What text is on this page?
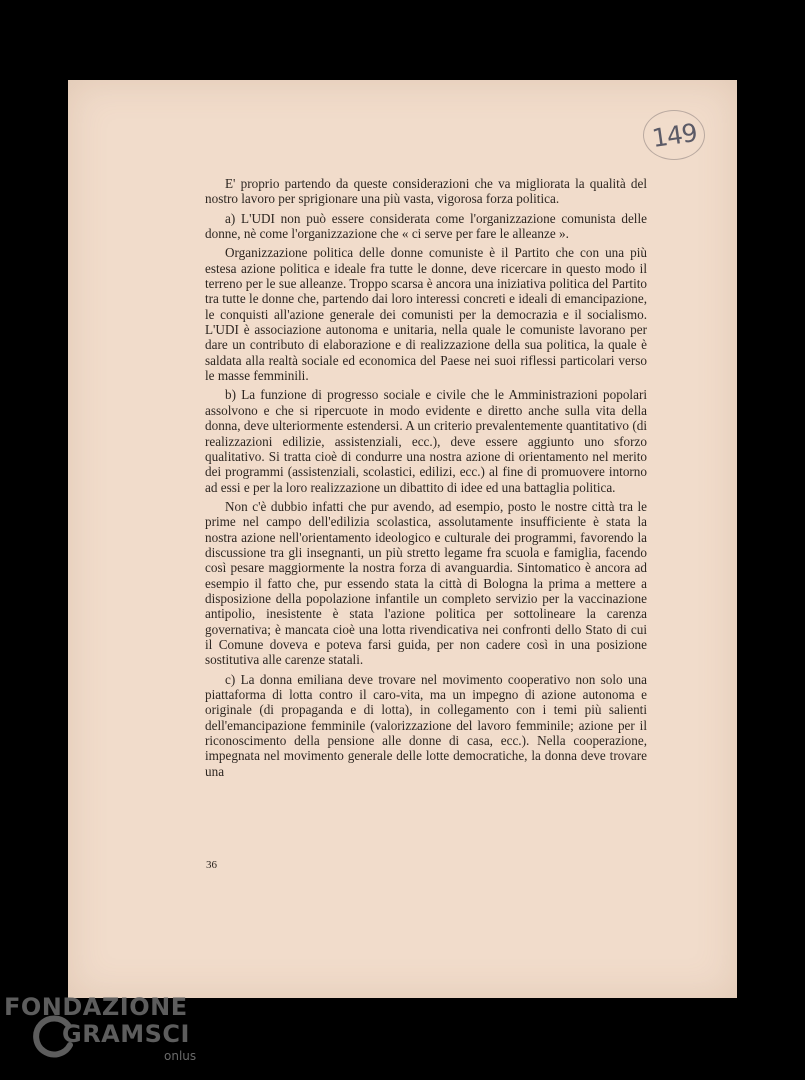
149

E' proprio partendo da queste considerazioni che va migliorata la qualità del nostro lavoro per sprigionare una più vasta, vigorosa forza politica.

a) L'UDI non può essere considerata come l'organizzazione comunista delle donne, nè come l'organizzazione che « ci serve per fare le alleanze ».

Organizzazione politica delle donne comuniste è il Partito che con una più estesa azione politica e ideale fra tutte le donne, deve ricercare in questo modo il terreno per le sue alleanze. Troppo scarsa è ancora una iniziativa politica del Partito tra tutte le donne che, partendo dai loro interessi concreti e ideali di emancipazione, le conquisti all'azione generale dei comunisti per la democrazia e il socialismo. L'UDI è associazione autonoma e unitaria, nella quale le comuniste lavorano per dare un contributo di elaborazione e di realizzazione della sua politica, la quale è saldata alla realtà sociale ed economica del Paese nei suoi riflessi particolari verso le masse femminili.

b) La funzione di progresso sociale e civile che le Amministrazioni popolari assolvono e che si ripercuote in modo evidente e diretto anche sulla vita della donna, deve ulteriormente estendersi. A un criterio prevalentemente quantitativo (di realizzazioni edilizie, assistenziali, ecc.), deve essere aggiunto uno sforzo qualitativo. Si tratta cioè di condurre una nostra azione di orientamento nel merito dei programmi (assistenziali, scolastici, edilizi, ecc.) al fine di promuovere intorno ad essi e per la loro realizzazione un dibattito di idee ed una battaglia politica.

Non c'è dubbio infatti che pur avendo, ad esempio, posto le nostre città tra le prime nel campo dell'edilizia scolastica, assolutamente insufficiente è stata la nostra azione nell'orientamento ideologico e culturale dei programmi, favorendo la discussione tra gli insegnanti, un più stretto legame fra scuola e famiglia, facendo così pesare maggiormente la nostra forza di avanguardia. Sintomatico è ancora ad esempio il fatto che, pur essendo stata la città di Bologna la prima a mettere a disposizione della popolazione infantile un completo servizio per la vaccinazione antipolio, inesistente è stata l'azione politica per sottolineare la carenza governativa; è mancata cioè una lotta rivendicativa nei confronti dello Stato di cui il Comune doveva e poteva farsi guida, per non cadere così in una posizione sostitutiva alle carenze statali.

c) La donna emiliana deve trovare nel movimento cooperativo non solo una piattaforma di lotta contro il caro-vita, ma un impegno di azione autonoma e originale (di propaganda e di lotta), in collegamento con i temi più salienti dell'emancipazione femminile (valorizzazione del lavoro femminile; azione per il riconoscimento della pensione alle donne di casa, ecc.). Nella cooperazione, impegnata nel movimento generale delle lotte democratiche, la donna deve trovare una

36
FONDAZIONE
GRAMSCI
onlus
